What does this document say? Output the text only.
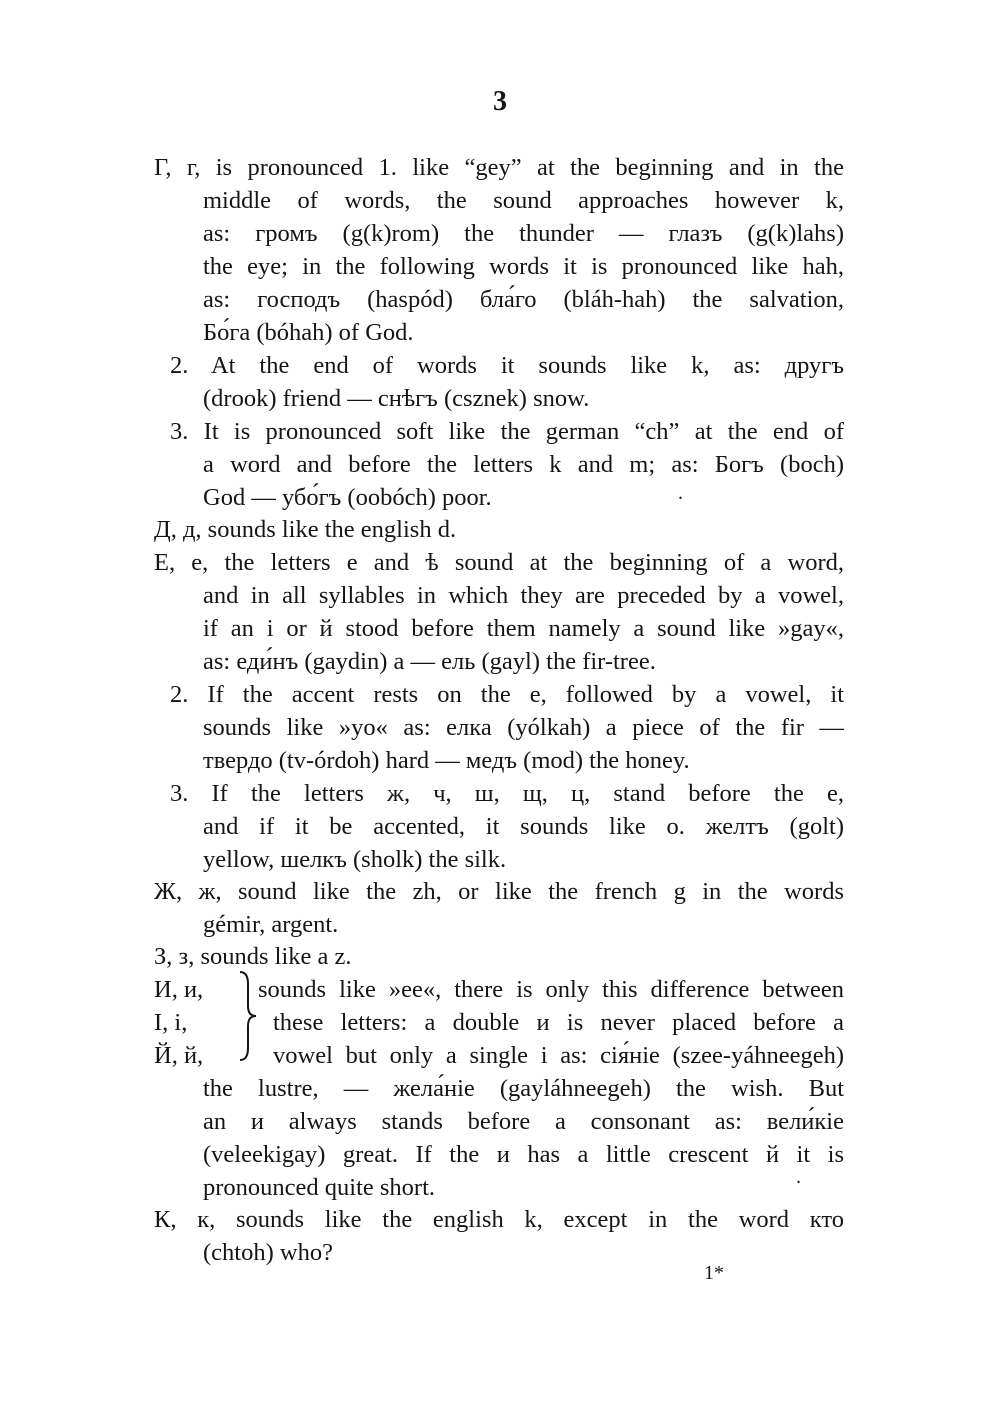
3
Г, г, is pronounced 1. like “gey” at the beginning and in the
middle of words, the sound approaches however k,
as: громъ (g(k)rom) the thunder — глазъ (g(k)lahs)
the eye; in the following words it is pronounced like hah,
as: господъ (haspód) бла́го (bláh-hah) the salvation,
Бо́га (bóhah) of God.
2. At the end of words it sounds like k, as: другъ
(drook) friend — снѣгъ (csznek) snow.
3. It is pronounced soft like the german “ch” at the end of
a word and before the letters k and m; as: Богъ (boch)
God — убо́гъ (oobóch) poor.	.
Д, д, sounds like the english d.
Е, е, the letters е and ѣ sound at the beginning of a word,
and in all syllables in which they are preceded by a vowel,
if an і or й stood before them namely a sound like »gay«,
as: еди́нъ (gaydin) a — ель (gayl) the fir-tree.
2. If the accent rests on the e, followed by a vowel, it
sounds like »yo« as: елка (yólkah) a piece of the fir —
твердо (tv-órdoh) hard — медъ (mod) the honey.
3. If the letters ж, ч, ш, щ, ц, stand before the e,
and if it be accented, it sounds like о. желтъ (golt)
yellow, шелкъ (sholk) the silk.
Ж, ж, sound like the zh, or like the french g in the words
gémir, argent.
З, з, sounds like a z.
И, и,
І, і,
Й, й,
sounds like »ee«, there is only this difference between
these letters: a double и is never placed before a
vowel but only a single і as: сія́ніе (szee-yáhneegeh)
the lustre, — жела́ніе (gayláhneegeh) the wish. But
an и always stands before a consonant as: вели́кіе
(veleekigay) great. If the и has a little crescent й it is
pronounced quite short.	.
К, к, sounds like the english k, except in the word кто
(chtoh) who?
1*
